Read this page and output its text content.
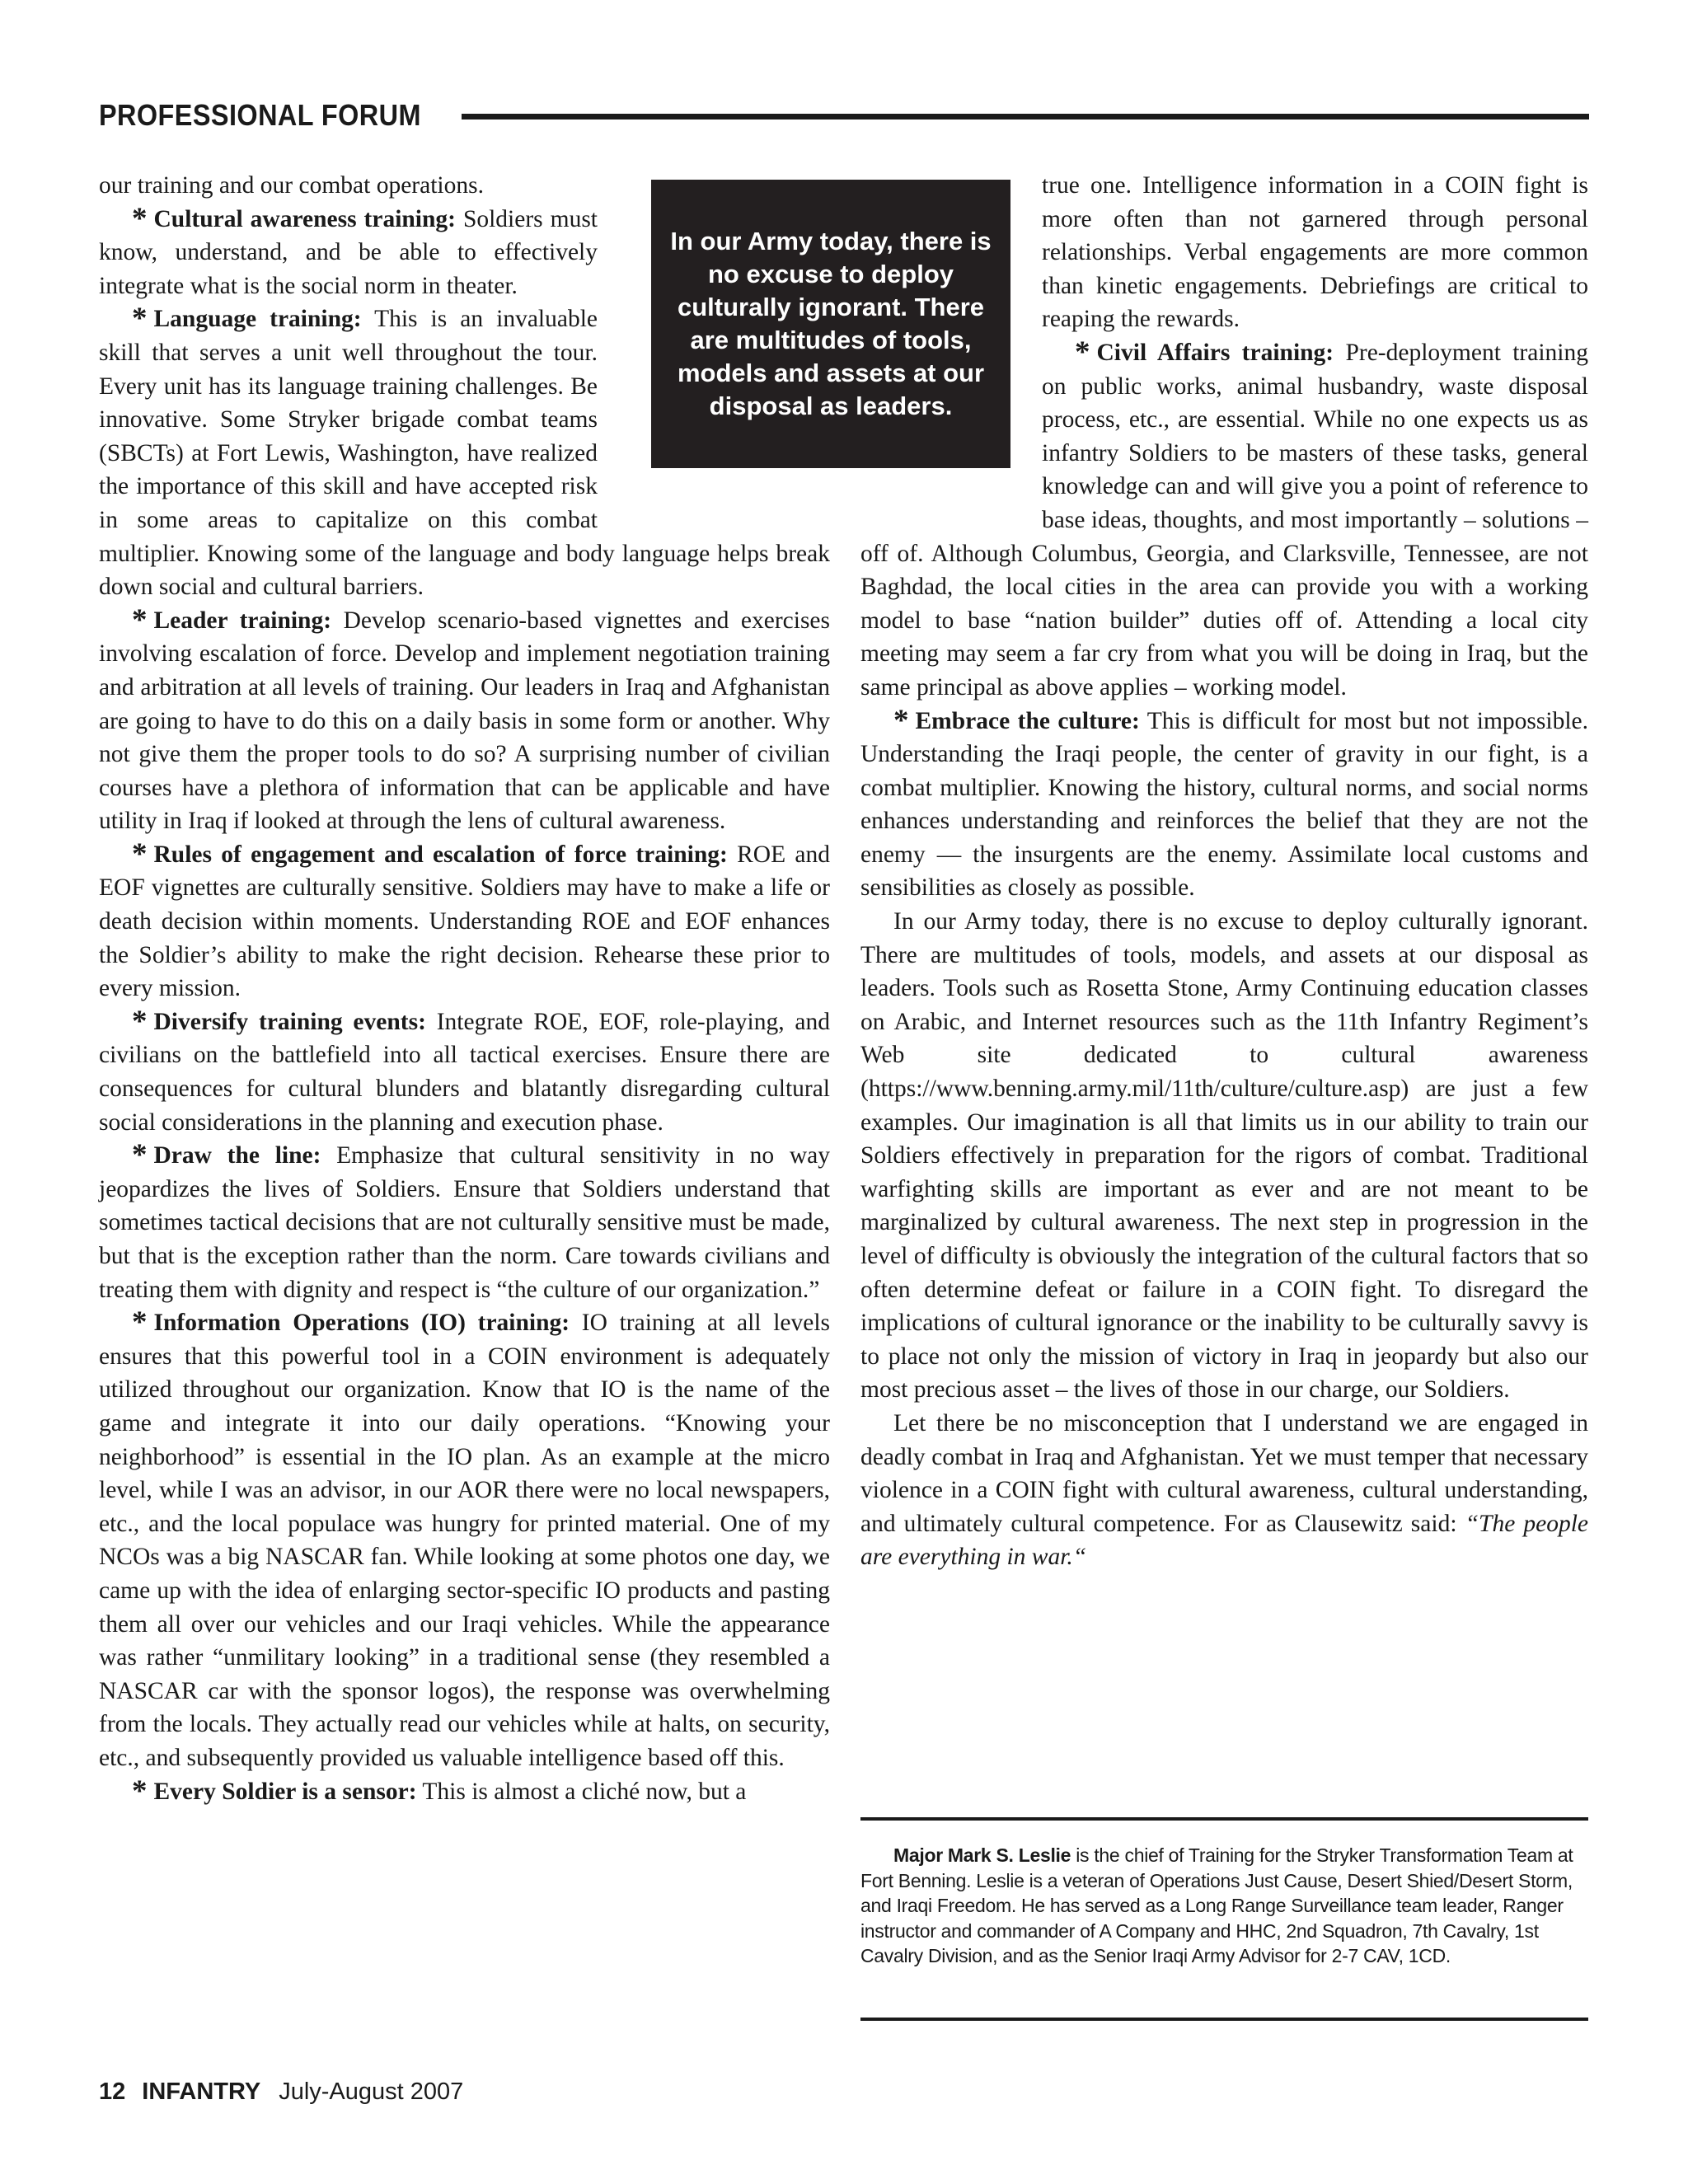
PROFESSIONAL FORUM
In our Army today, there is no excuse to deploy culturally ignorant. There are multitudes of tools, models and assets at our disposal as leaders.

our training and our combat operations.

* Cultural awareness training: Soldiers must know, understand, and be able to effectively integrate what is the social norm in theater.

* Language training: This is an invaluable skill that serves a unit well throughout the tour. Every unit has its language training challenges. Be innovative. Some Stryker brigade combat teams (SBCTs) at Fort Lewis, Washington, have realized the importance of this skill and have accepted risk in some areas to capitalize on this combat multiplier. Knowing some of the language and body language helps break down social and cultural barriers.

* Leader training: Develop scenario-based vignettes and exercises involving escalation of force. Develop and implement negotiation training and arbitration at all levels of training. Our leaders in Iraq and Afghanistan are going to have to do this on a daily basis in some form or another. Why not give them the proper tools to do so? A surprising number of civilian courses have a plethora of information that can be applicable and have utility in Iraq if looked at through the lens of cultural awareness.

* Rules of engagement and escalation of force training: ROE and EOF vignettes are culturally sensitive. Soldiers may have to make a life or death decision within moments. Understanding ROE and EOF enhances the Soldier’s ability to make the right decision. Rehearse these prior to every mission.

* Diversify training events: Integrate ROE, EOF, role-playing, and civilians on the battlefield into all tactical exercises. Ensure there are consequences for cultural blunders and blatantly disregarding cultural social considerations in the planning and execution phase.

* Draw the line: Emphasize that cultural sensitivity in no way jeopardizes the lives of Soldiers. Ensure that Soldiers understand that sometimes tactical decisions that are not culturally sensitive must be made, but that is the exception rather than the norm. Care towards civilians and treating them with dignity and respect is “the culture of our organization.”

* Information Operations (IO) training: IO training at all levels ensures that this powerful tool in a COIN environment is adequately utilized throughout our organization. Know that IO is the name of the game and integrate it into our daily operations. “Knowing your neighborhood” is essential in the IO plan. As an example at the micro level, while I was an advisor, in our AOR there were no local newspapers, etc., and the local populace was hungry for printed material. One of my NCOs was a big NASCAR fan. While looking at some photos one day, we came up with the idea of enlarging sector-specific IO products and pasting them all over our vehicles and our Iraqi vehicles. While the appearance was rather “unmilitary looking” in a traditional sense (they resembled a NASCAR car with the sponsor logos), the response was overwhelming from the locals. They actually read our vehicles while at halts, on security, etc., and subsequently provided us valuable intelligence based off this.

* Every Soldier is a sensor: This is almost a cliché now, but a

true one. Intelligence information in a COIN fight is more often than not garnered through personal relationships. Verbal engagements are more common than kinetic engagements. Debriefings are critical to reaping the rewards.

* Civil Affairs training: Pre-deployment training on public works, animal husbandry, waste disposal process, etc., are essential. While no one expects us as infantry Soldiers to be masters of these tasks, general knowledge can and will give you a point of reference to base ideas, thoughts, and most importantly – solutions – off of. Although Columbus, Georgia, and Clarksville, Tennessee, are not Baghdad, the local cities in the area can provide you with a working model to base “nation builder” duties off of. Attending a local city meeting may seem a far cry from what you will be doing in Iraq, but the same principal as above applies – working model.

* Embrace the culture: This is difficult for most but not impossible. Understanding the Iraqi people, the center of gravity in our fight, is a combat multiplier. Knowing the history, cultural norms, and social norms enhances understanding and reinforces the belief that they are not the enemy — the insurgents are the enemy. Assimilate local customs and sensibilities as closely as possible.

In our Army today, there is no excuse to deploy culturally ignorant. There are multitudes of tools, models, and assets at our disposal as leaders. Tools such as Rosetta Stone, Army Continuing education classes on Arabic, and Internet resources such as the 11th Infantry Regiment’s Web site dedicated to cultural awareness (https://www.benning.army.mil/11th/culture/culture.asp) are just a few examples. Our imagination is all that limits us in our ability to train our Soldiers effectively in preparation for the rigors of combat. Traditional warfighting skills are important as ever and are not meant to be marginalized by cultural awareness. The next step in progression in the level of difficulty is obviously the integration of the cultural factors that so often determine defeat or failure in a COIN fight. To disregard the implications of cultural ignorance or the inability to be culturally savvy is to place not only the mission of victory in Iraq in jeopardy but also our most precious asset – the lives of those in our charge, our Soldiers.

Let there be no misconception that I understand we are engaged in deadly combat in Iraq and Afghanistan. Yet we must temper that necessary violence in a COIN fight with cultural awareness, cultural understanding, and ultimately cultural competence. For as Clausewitz said: “The people are everything in war.“

Major Mark S. Leslie is the chief of Training for the Stryker Transformation Team at Fort Benning. Leslie is a veteran of Operations Just Cause, Desert Shied/Desert Storm, and Iraqi Freedom. He has served as a Long Range Surveillance team leader, Ranger instructor and commander of A Company and HHC, 2nd Squadron, 7th Cavalry, 1st Cavalry Division, and as the Senior Iraqi Army Advisor for 2-7 CAV, 1CD.
12 INFANTRY July-August 2007
